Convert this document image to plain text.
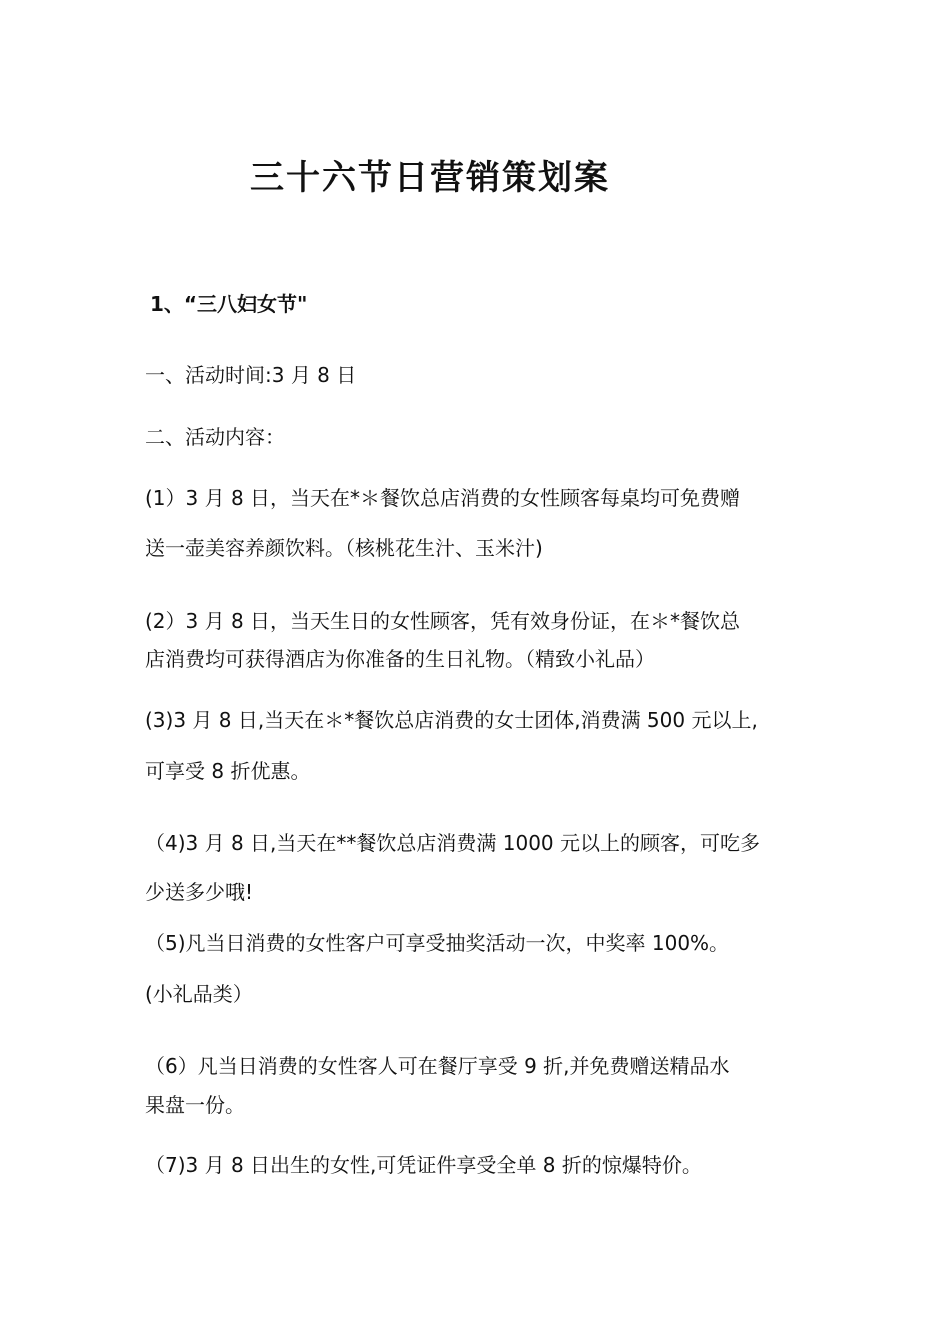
三十六节日营销策划案
1、“三八妇女节"
一、活动时间:3 月 8 日
二、活动内容：
(1）3 月 8 日，当天在*＊餐饮总店消费的女性顾客每桌均可免费赠
送一壶美容养颜饮料。（核桃花生汁、玉米汁)
(2）3 月 8 日，当天生日的女性顾客，凭有效身份证，在＊*餐饮总
店消费均可获得酒店为你准备的生日礼物。（精致小礼品）
(3)3 月 8 日,当天在＊*餐饮总店消费的女士团体,消费满 500 元以上,
可享受 8 折优惠。
（4)3 月 8 日,当天在**餐饮总店消费满 1000 元以上的顾客，可吃多
少送多少哦!
（5)凡当日消费的女性客户可享受抽奖活动一次，中奖率 100%。
(小礼品类）
（6）凡当日消费的女性客人可在餐厅享受 9 折,并免费赠送精品水
果盘一份。
（7)3 月 8 日出生的女性,可凭证件享受全单 8 折的惊爆特价。
